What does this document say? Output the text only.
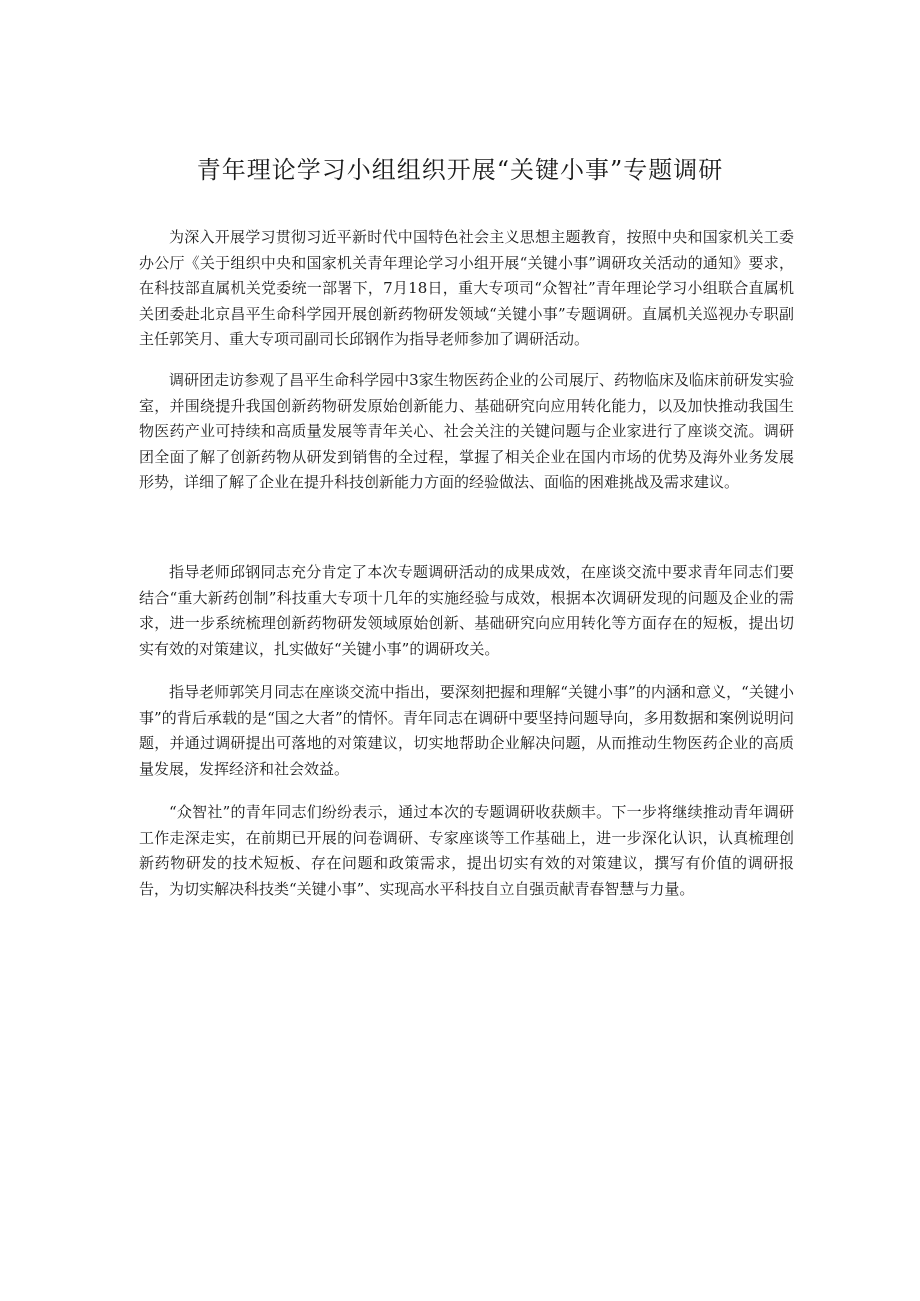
青年理论学习小组组织开展“关键小事”专题调研

为深入开展学习贯彻习近平新时代中国特色社会主义思想主题教育，按照中央和国家机关工委办公厅《关于组织中央和国家机关青年理论学习小组开展“关键小事”调研攻关活动的通知》要求，在科技部直属机关党委统一部署下，7月18日，重大专项司“众智社”青年理论学习小组联合直属机关团委赴北京昌平生命科学园开展创新药物研发领域“关键小事”专题调研。直属机关巡视办专职副主任郭笑月、重大专项司副司长邱钢作为指导老师参加了调研活动。

调研团走访参观了昌平生命科学园中3家生物医药企业的公司展厅、药物临床及临床前研发实验室，并围绕提升我国创新药物研发原始创新能力、基础研究向应用转化能力，以及加快推动我国生物医药产业可持续和高质量发展等青年关心、社会关注的关键问题与企业家进行了座谈交流。调研团全面了解了创新药物从研发到销售的全过程，掌握了相关企业在国内市场的优势及海外业务发展形势，详细了解了企业在提升科技创新能力方面的经验做法、面临的困难挑战及需求建议。

指导老师邱钢同志充分肯定了本次专题调研活动的成果成效，在座谈交流中要求青年同志们要结合“重大新药创制”科技重大专项十几年的实施经验与成效，根据本次调研发现的问题及企业的需求，进一步系统梳理创新药物研发领域原始创新、基础研究向应用转化等方面存在的短板，提出切实有效的对策建议，扎实做好“关键小事”的调研攻关。

指导老师郭笑月同志在座谈交流中指出，要深刻把握和理解“关键小事”的内涵和意义，“关键小事”的背后承载的是“国之大者”的情怀。青年同志在调研中要坚持问题导向，多用数据和案例说明问题，并通过调研提出可落地的对策建议，切实地帮助企业解决问题，从而推动生物医药企业的高质量发展，发挥经济和社会效益。

“众智社”的青年同志们纷纷表示，通过本次的专题调研收获颇丰。下一步将继续推动青年调研工作走深走实，在前期已开展的问卷调研、专家座谈等工作基础上，进一步深化认识，认真梳理创新药物研发的技术短板、存在问题和政策需求，提出切实有效的对策建议，撰写有价值的调研报告，为切实解决科技类“关键小事”、实现高水平科技自立自强贡献青春智慧与力量。
